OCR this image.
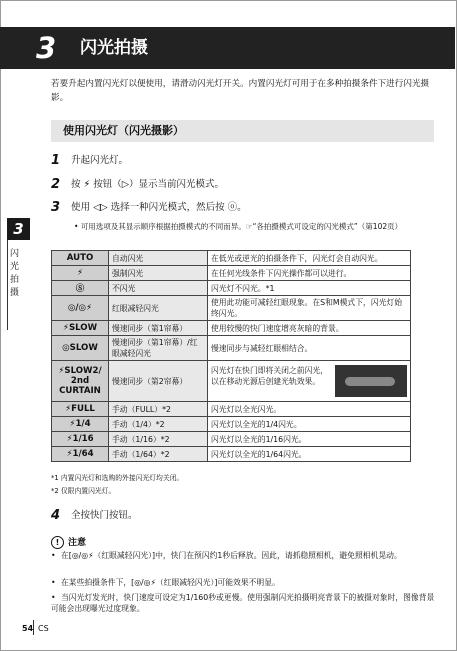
3 闪光拍摄
若要升起内置闪光灯以便使用，请滑动闪光灯开关。内置闪光灯可用于在多种拍摄条件下进行闪光摄影。
使用闪光灯（闪光摄影）
3
闪光拍摄
1 升起闪光灯。
2 按 ⚡ 按钮（▷）显示当前闪光模式。
3 使用 ◁▷ 选择一种闪光模式，然后按 ⓞ。
• 可用选项及其显示顺序根据拍摄模式的不同而异。☞“各拍摄模式可设定的闪光模式”（第102页）
AUTO	自动闪光	在低光或逆光的拍摄条件下，闪光灯会自动闪光。
⚡	强制闪光	在任何光线条件下闪光操作都可以进行。
Ⓢ	不闪光	闪光灯不闪光。*1
◎/◎⚡	红眼减轻闪光	使用此功能可减轻红眼现象。在S和M模式下，闪光灯始终闪光。
⚡SLOW	慢速同步（第1帘幕）	使用较慢的快门速度增亮灰暗的背景。
◎SLOW	慢速同步（第1帘幕）/红眼减轻闪光	慢速同步与减轻红眼相结合。
⚡SLOW2/ 2nd CURTAIN	慢速同步（第2帘幕）	闪光灯在快门即将关闭之前闪光，以在移动光源后创建光轨效果。
⚡FULL	手动（FULL）*2	闪光灯以全光闪光。
⚡1/4	手动（1/4）*2	闪光灯以全光的1/4闪光。
⚡1/16	手动（1/16）*2	闪光灯以全光的1/16闪光。
⚡1/64	手动（1/64）*2	闪光灯以全光的1/64闪光。
*1 内置闪光灯和选购的外接闪光灯均关闭。
*2 仅限内置闪光灯。
4 全按快门按钮。
! 注意
• 在[◎/◎⚡（红眼减轻闪光）]中，快门在预闪约1秒后释放。因此，请抓稳照相机，避免照相机晃动。
• 在某些拍摄条件下，[◎/◎⚡（红眼减轻闪光）]可能效果不明显。
• 当闪光灯发光时，快门速度可设定为1/160秒或更慢。使用强制闪光拍摄明亮背景下的被摄对象时，图像背景可能会出现曝光过度现象。
54 CS
